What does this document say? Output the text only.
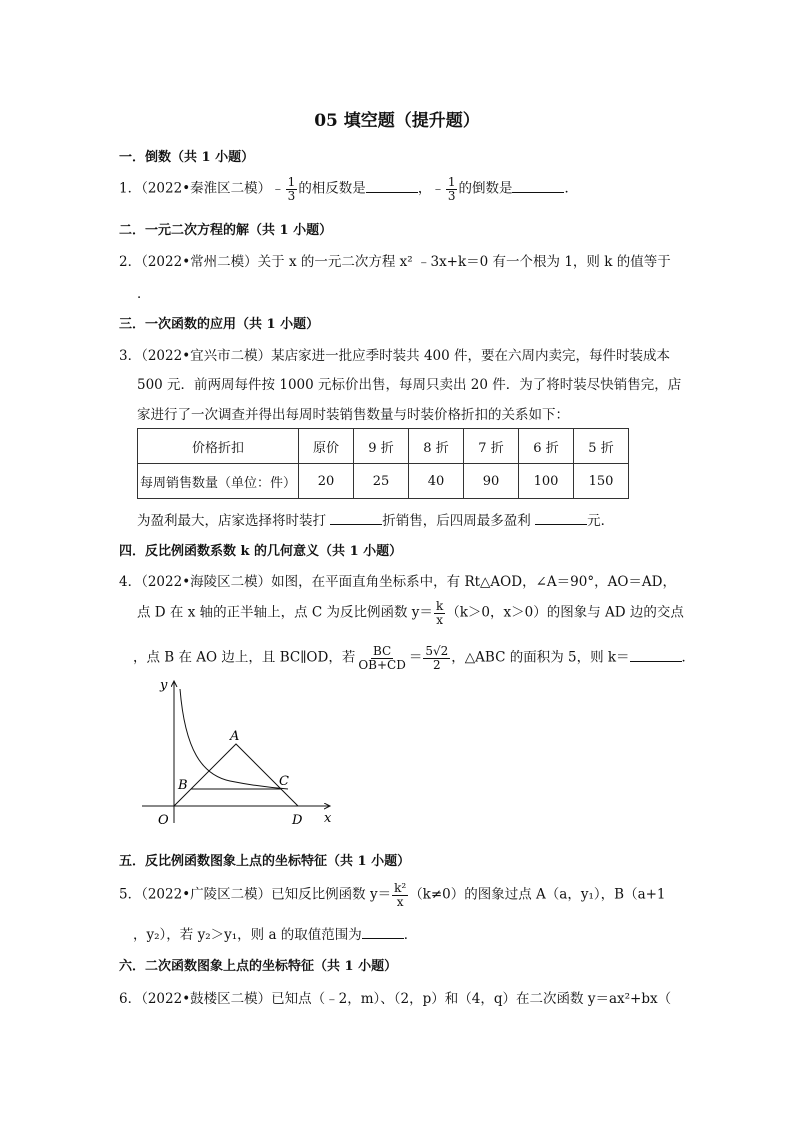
05 填空题（提升题）
一．倒数（共 1 小题）
1．（2022•秦淮区二模）﹣ $\frac{1}{3}$ 的相反数是	，﹣ $\frac{1}{3}$ 的倒数是	．
二．一元二次方程的解（共 1 小题）
2．（2022•常州二模）关于 x 的一元二次方程 x² ﹣3x+k＝0 有一个根为 1，则 k 的值等于
．
三．一次函数的应用（共 1 小题）
3．（2022•宜兴市二模）某店家进一批应季时装共 400 件，要在六周内卖完，每件时装成本
500 元．前两周每件按 1000 元标价出售，每周只卖出 20 件．为了将时装尽快销售完，店
家进行了一次调查并得出每周时装销售数量与时装价格折扣的关系如下：
价格折扣	原价	9 折	8 折	7 折	6 折	5 折
每周销售数量（单位：件）	20	25	40	90	100	150
为盈利最大，店家选择将时装打	折销售，后四周最多盈利	元．
四．反比例函数系数 k 的几何意义（共 1 小题）
4．（2022•海陵区二模）如图，在平面直角坐标系中，有 Rt△AOD，∠A＝90°，AO＝AD，
点 D 在 x 轴的正半轴上，点 C 为反比例函数 $y= \frac{k}{x} (k>0$，x＞0）的图象与 AD 边的交点
，点 B 在 AO 边上，且 BC∥OD，若 $\frac{BC}{OB+CD} = \frac{5√2}{2}$ ，△ABC 的面积为 5，则 k＝	．
y
A
B	C
O	D x
五．反比例函数图象上点的坐标特征（共 1 小题）
5．（2022•广陵区二模）已知反比例函数 $y= \frac{\text{k²}}{x} (k\ne 0)$的图象过点 A（a，y₁），B（a+1
，y₂），若 y₂＞y₁，则 a 的取值范围为	．
六．二次函数图象上点的坐标特征（共 1 小题）
6．（2022•鼓楼区二模）已知点（﹣2，m）、（2，p）和（4，q）在二次函数 y＝ax²+bx（
